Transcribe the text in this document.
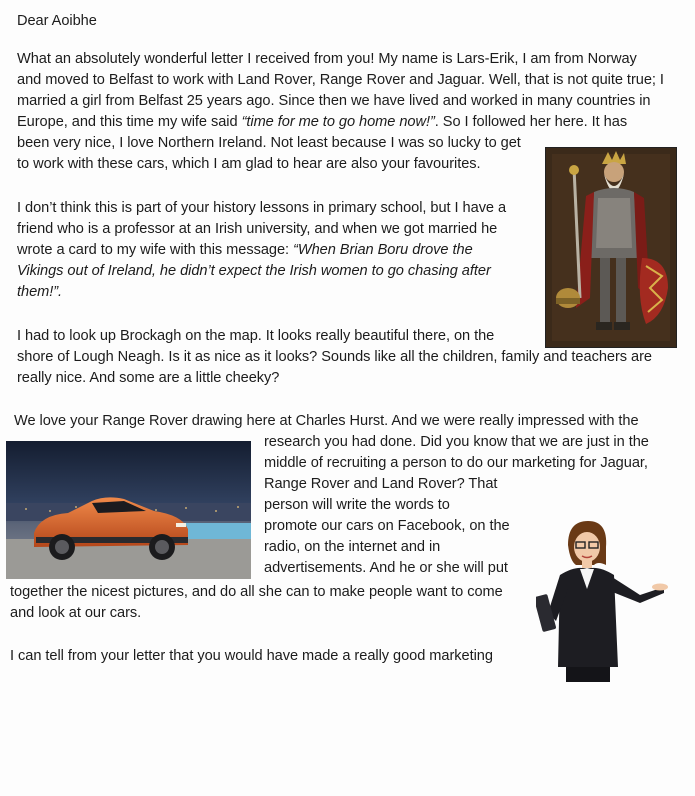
Dear Aoibhe

What an absolutely wonderful letter I received from you! My name is Lars-Erik, I am from Norway

and moved to Belfast to work with Land Rover, Range Rover and Jaguar. Well, that is not quite true; I

married a girl from Belfast 25 years ago. Since then we have lived and worked in many countries in

Europe, and this time my wife said “time for me to go home now!”. So I followed her here. It has

been very nice, I love Northern Ireland. Not least because I was so lucky to get

to work with these cars, which I am glad to hear are also your favourites.

I don’t think this is part of your history lessons in primary school, but I have a

friend who is a professor at an Irish university, and when we got married he

wrote a card to my wife with this message: “When Brian Boru drove the

Vikings out of Ireland, he didn’t expect the Irish women to go chasing after

them!”.

I had to look up Brockagh on the map. It looks really beautiful there, on the

shore of Lough Neagh. Is it as nice as it looks? Sounds like all the children, family and teachers are

really nice. And some are a little cheeky?

We love your Range Rover drawing here at Charles Hurst. And we were really impressed with the

research you had done. Did you know that we are just in the

middle of recruiting a person to do our marketing for Jaguar,

Range Rover and Land Rover? That

person will write the words to

promote our cars on Facebook, on the

radio, on the internet and in

advertisements. And he or she will put

together the nicest pictures, and do all she can to make people want to come

and look at our cars.

I can tell from your letter that you would have made a really good marketing
